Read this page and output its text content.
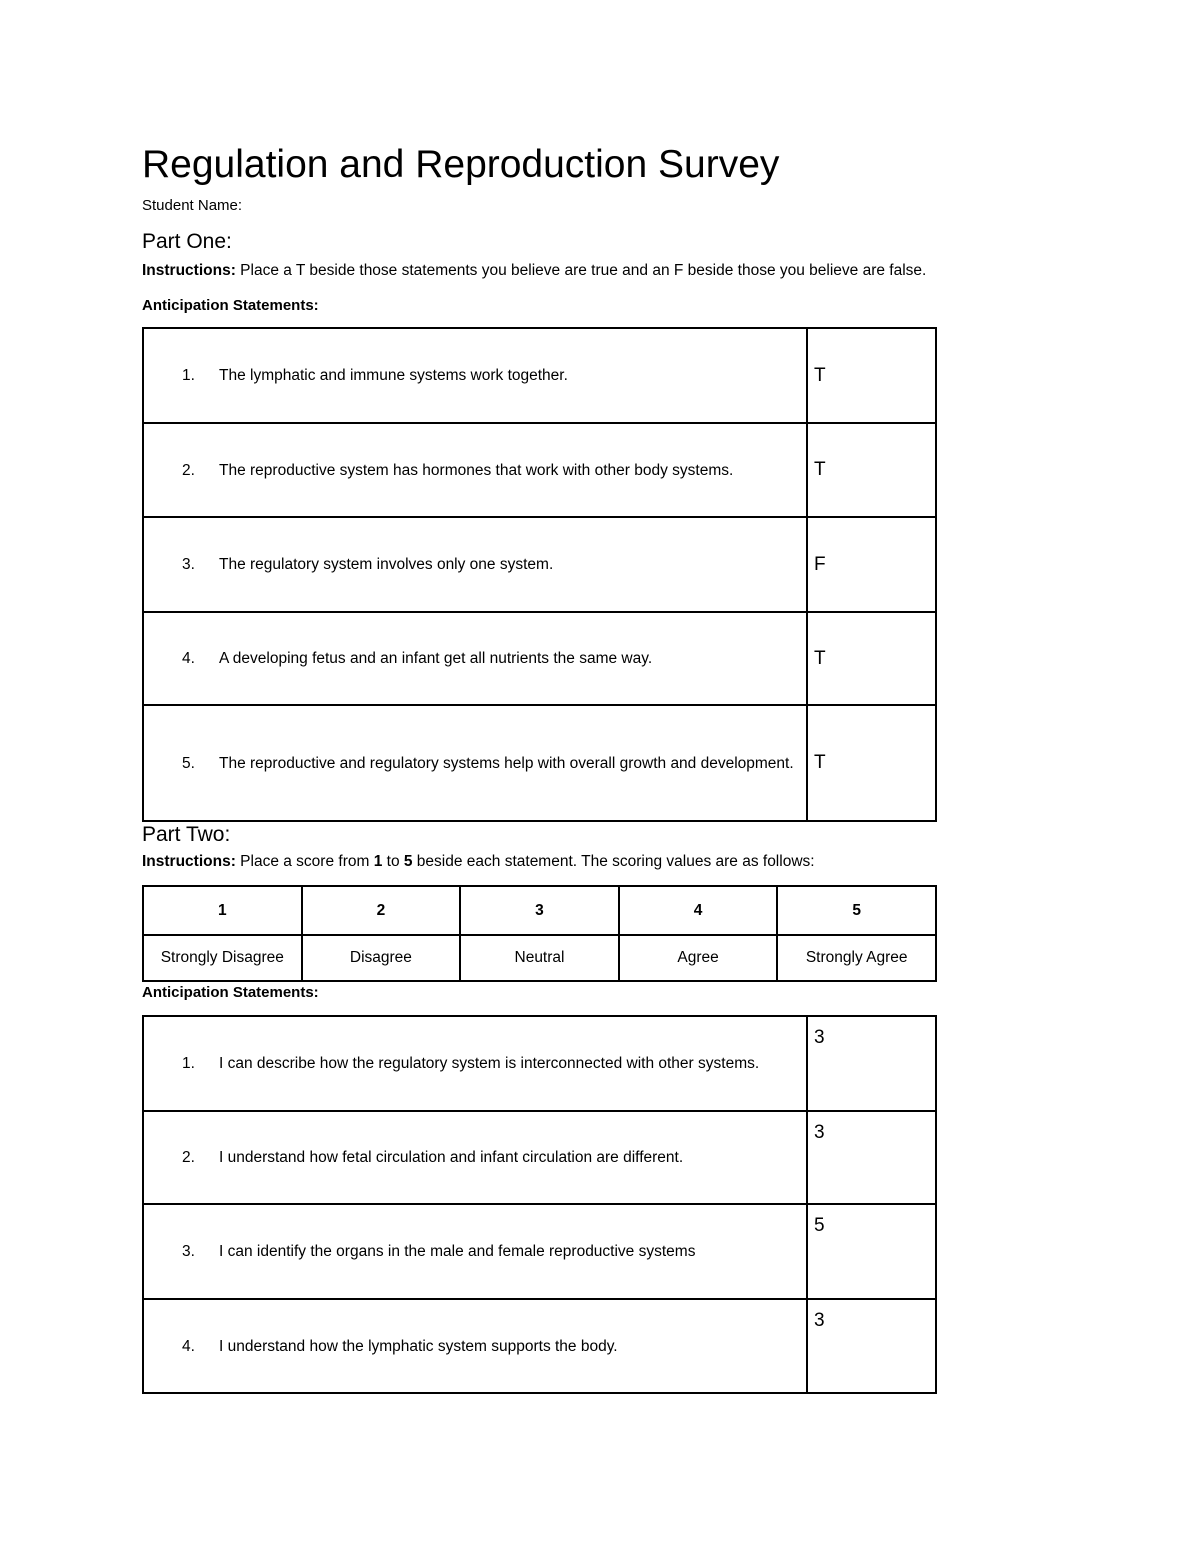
Regulation and Reproduction Survey
Student Name:
Part One:
Instructions: Place a T beside those statements you believe are true and an F beside those you believe are false.
Anticipation Statements:
1. The lymphatic and immune systems work together.	T

2. The reproductive system has hormones that work with other body systems.	T

3. The regulatory system involves only one system.	F

4. A developing fetus and an infant get all nutrients the same way.	T

5. The reproductive and regulatory systems help with overall growth and development.	T
Part Two:
Instructions: Place a score from 1 to 5 beside each statement. The scoring values are as follows:
1	2	3	4	5
Strongly Disagree	Disagree	Neutral	Agree	Strongly Agree
Anticipation Statements:
1. I can describe how the regulatory system is interconnected with other systems.	3

2. I understand how fetal circulation and infant circulation are different.	3

3. I can identify the organs in the male and female reproductive systems	5

4. I understand how the lymphatic system supports the body.	3
